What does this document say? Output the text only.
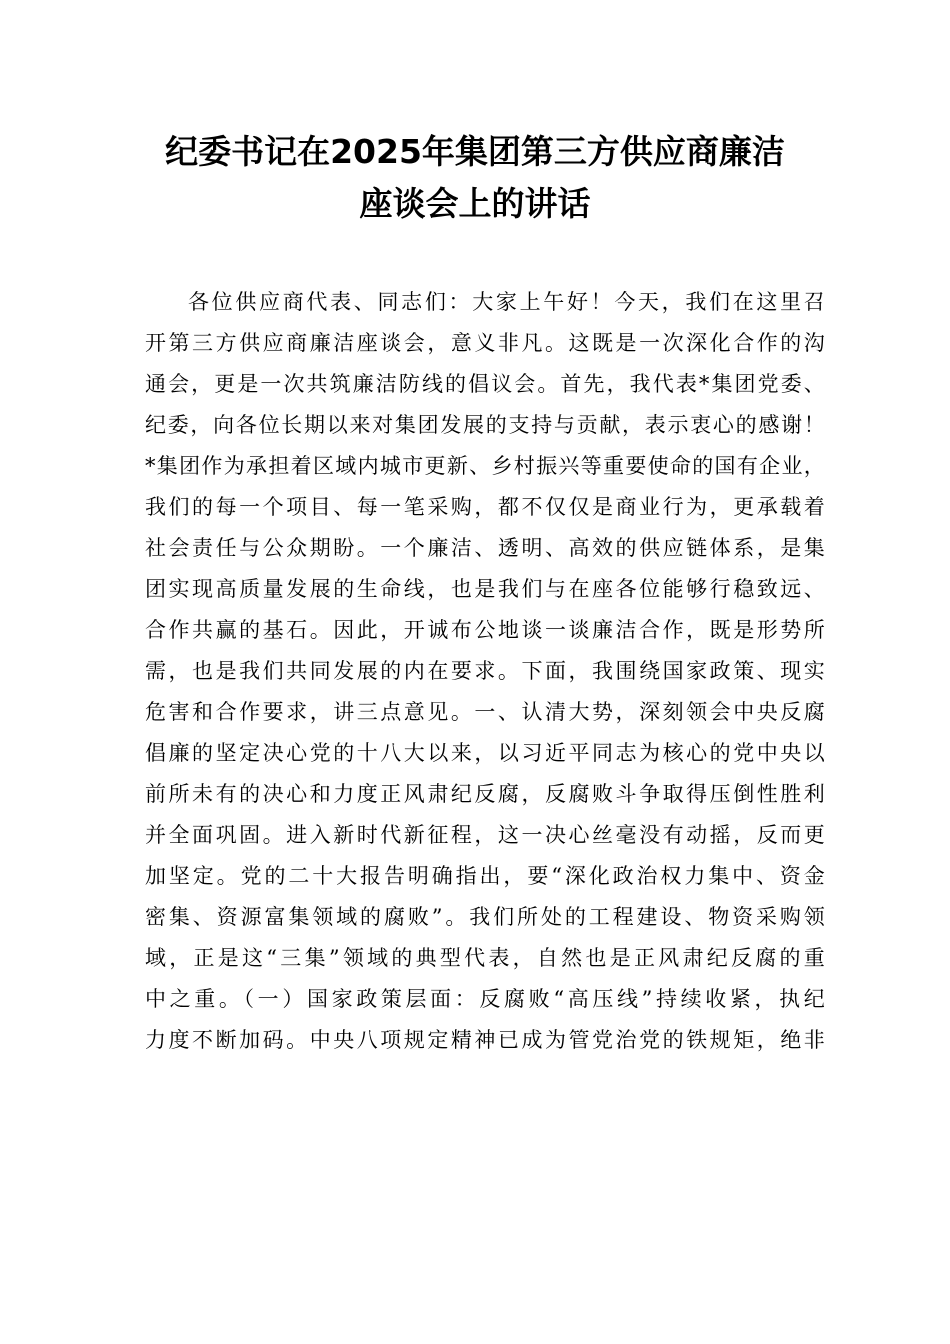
纪委书记在2025年集团第三方供应商廉洁
座谈会上的讲话
各位供应商代表、同志们：大家上午好！今天，我们在这里召
开第三方供应商廉洁座谈会，意义非凡。这既是一次深化合作的沟
通会，更是一次共筑廉洁防线的倡议会。首先，我代表*集团党委、
纪委，向各位长期以来对集团发展的支持与贡献，表示衷心的感谢！
*集团作为承担着区域内城市更新、乡村振兴等重要使命的国有企业，
我们的每一个项目、每一笔采购，都不仅仅是商业行为，更承载着
社会责任与公众期盼。一个廉洁、透明、高效的供应链体系，是集
团实现高质量发展的生命线，也是我们与在座各位能够行稳致远、
合作共赢的基石。因此，开诚布公地谈一谈廉洁合作，既是形势所
需，也是我们共同发展的内在要求。下面，我围绕国家政策、现实
危害和合作要求，讲三点意见。一、认清大势，深刻领会中央反腐
倡廉的坚定决心党的十八大以来，以习近平同志为核心的党中央以
前所未有的决心和力度正风肃纪反腐，反腐败斗争取得压倒性胜利
并全面巩固。进入新时代新征程，这一决心丝毫没有动摇，反而更
加坚定。党的二十大报告明确指出，要“深化政治权力集中、资金
密集、资源富集领域的腐败”。我们所处的工程建设、物资采购领
域，正是这“三集”领域的典型代表，自然也是正风肃纪反腐的重
中之重。（一）国家政策层面：反腐败“高压线”持续收紧，执纪
力度不断加码。中央八项规定精神已成为管党治党的铁规矩，绝非
